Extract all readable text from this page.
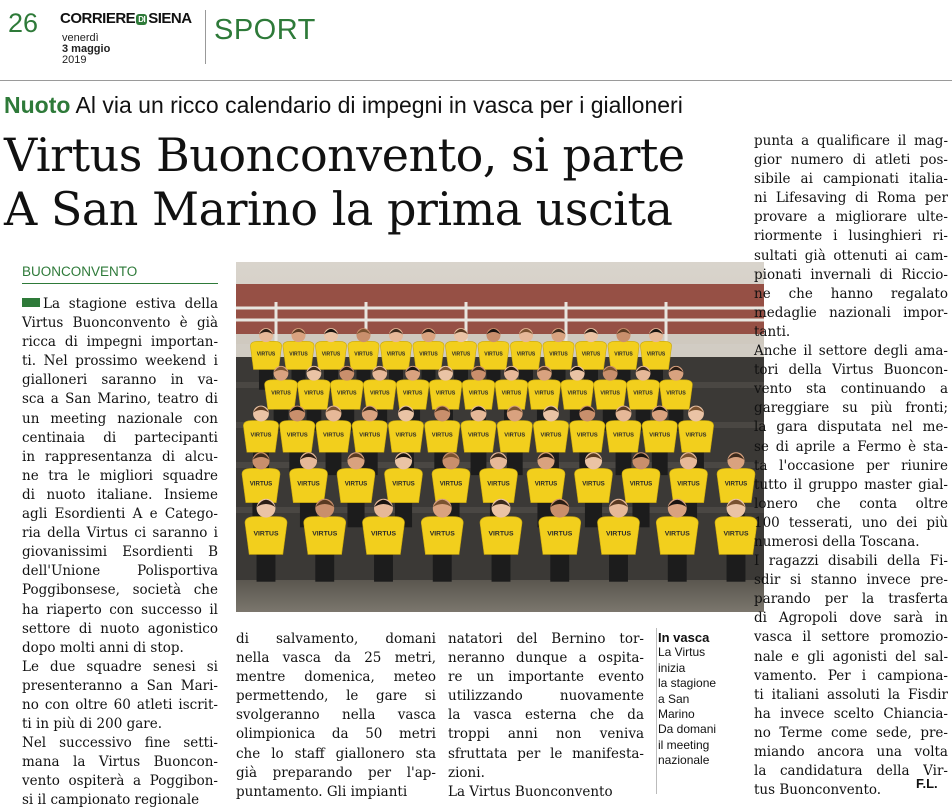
26 CORRIERE DI SIENA
venerdì
3 maggio
2019
SPORT
Nuoto Al via un ricco calendario di impegni in vasca per i gialloneri
Virtus Buonconvento, si parte
A San Marino la prima uscita
BUONCONVENTO
La stagione estiva della
Virtus Buonconvento è già
ricca di impegni importan-
ti. Nel prossimo weekend i
gialloneri saranno in va-
sca a San Marino, teatro di
un meeting nazionale con
centinaia di partecipanti
in rappresentanza di alcu-
ne tra le migliori squadre
di nuoto italiane. Insieme
agli Esordienti A e Catego-
ria della Virtus ci saranno i
giovanissimi Esordienti B
dell'Unione Polisportiva
Poggibonsese, società che
ha riaperto con successo il
settore di nuoto agonistico
dopo molti anni di stop.
Le due squadre senesi si
presenteranno a San Mari-
no con oltre 60 atleti iscrit-
ti in più di 200 gare.
Nel successivo fine setti-
mana la Virtus Buoncon-
vento ospiterà a Poggibon-
si il campionato regionale
VIRTUS	VIRTUS	VIRTUS	VIRTUS	VIRTUS	VIRTUS	VIRTUS	VIRTUS	VIRTUS	VIRTUS	VIRTUS	VIRTUS	VIRTUS
VIRTUS	VIRTUS	VIRTUS	VIRTUS	VIRTUS	VIRTUS	VIRTUS	VIRTUS	VIRTUS	VIRTUS	VIRTUS	VIRTUS	VIRTUS
VIRTUS	VIRTUS	VIRTUS	VIRTUS	VIRTUS	VIRTUS	VIRTUS	VIRTUS	VIRTUS	VIRTUS	VIRTUS	VIRTUS	VIRTUS
VIRTUS	VIRTUS	VIRTUS	VIRTUS	VIRTUS	VIRTUS	VIRTUS	VIRTUS	VIRTUS	VIRTUS	VIRTUS
VIRTUS	VIRTUS	VIRTUS	VIRTUS	VIRTUS	VIRTUS	VIRTUS	VIRTUS	VIRTUS
di salvamento, domani
nella vasca da 25 metri,
mentre domenica, meteo
permettendo, le gare si
svolgeranno nella vasca
olimpionica da 50 metri
che lo staff giallonero sta
già preparando per l'ap-
puntamento. Gli impianti
natatori del Bernino tor-
neranno dunque a ospita-
re un importante evento
utilizzando nuovamente
la vasca esterna che da
troppi anni non veniva
sfruttata per le manifesta-
zioni.
La Virtus Buonconvento
In vasca
La Virtus
inizia
la stagione
a San
Marino
Da domani
il meeting
nazionale
punta a qualificare il mag-
gior numero di atleti pos-
sibile ai campionati italia-
ni Lifesaving di Roma per
provare a migliorare ulte-
riormente i lusinghieri ri-
sultati già ottenuti ai cam-
pionati invernali di Riccio-
ne che hanno regalato
medaglie nazionali impor-
tanti.
Anche il settore degli ama-
tori della Virtus Buoncon-
vento sta continuando a
gareggiare su più fronti;
la gara disputata nel me-
se di aprile a Fermo è sta-
ta l'occasione per riunire
tutto il gruppo master gial-
lonero che conta oltre
100 tesserati, uno dei più
numerosi della Toscana.
I ragazzi disabili della Fi-
sdir si stanno invece pre-
parando per la trasferta
di Agropoli dove sarà in
vasca il settore promozio-
nale e gli agonisti del sal-
vamento. Per i campiona-
ti italiani assoluti la Fisdir
ha invece scelto Chiancia-
no Terme come sede, pre-
miando ancora una volta
la candidatura della Vir-
tus Buonconvento.	F.L.
